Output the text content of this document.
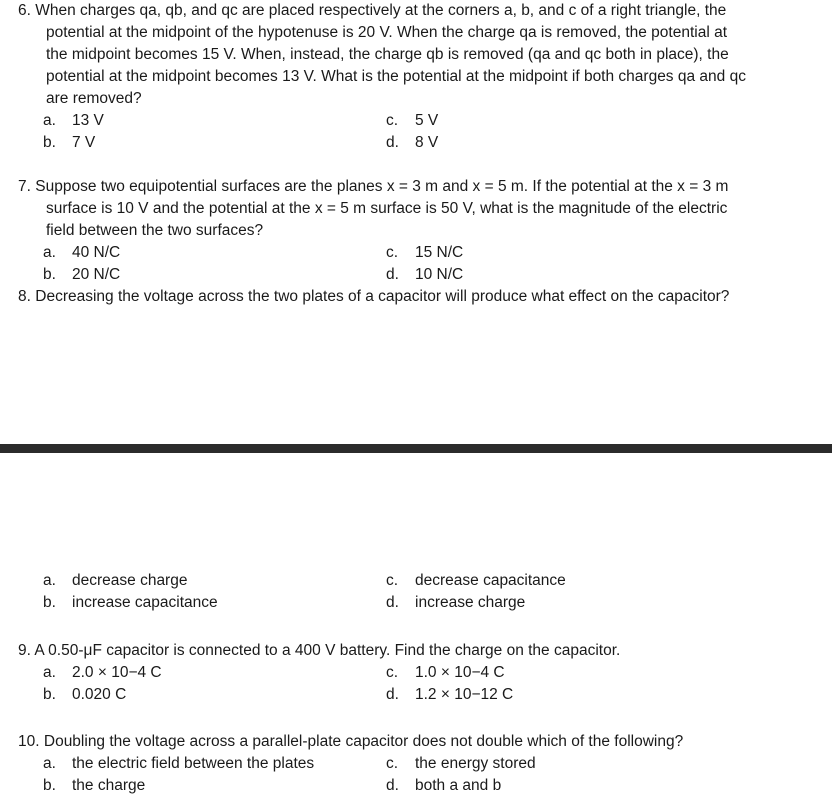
6. When charges qa, qb, and qc are placed respectively at the corners a, b, and c of a right triangle, the
potential at the midpoint of the hypotenuse is 20 V. When the charge qa is removed, the potential at
the midpoint becomes 15 V. When, instead, the charge qb is removed (qa and qc both in place), the
potential at the midpoint becomes 13 V. What is the potential at the midpoint if both charges qa and qc
are removed?

a. 13 V
b. 7 V
c. 5 V
d. 8 V

7. Suppose two equipotential surfaces are the planes x = 3 m and x = 5 m. If the potential at the x = 3 m
surface is 10 V and the potential at the x = 5 m surface is 50 V, what is the magnitude of the electric
field between the two surfaces?

a. 40 N/C
b. 20 N/C
c. 15 N/C
d. 10 N/C

8. Decreasing the voltage across the two plates of a capacitor will produce what effect on the capacitor?

a. decrease charge
b. increase capacitance
c. decrease capacitance
d. increase charge

9. A 0.50-μF capacitor is connected to a 400 V battery. Find the charge on the capacitor.

a. 2.0 × 10−4 C
b. 0.020 C
c. 1.0 × 10−4 C
d. 1.2 × 10−12 C

10. Doubling the voltage across a parallel-plate capacitor does not double which of the following?

a. the electric field between the plates
b. the charge
c. the energy stored
d. both a and b
